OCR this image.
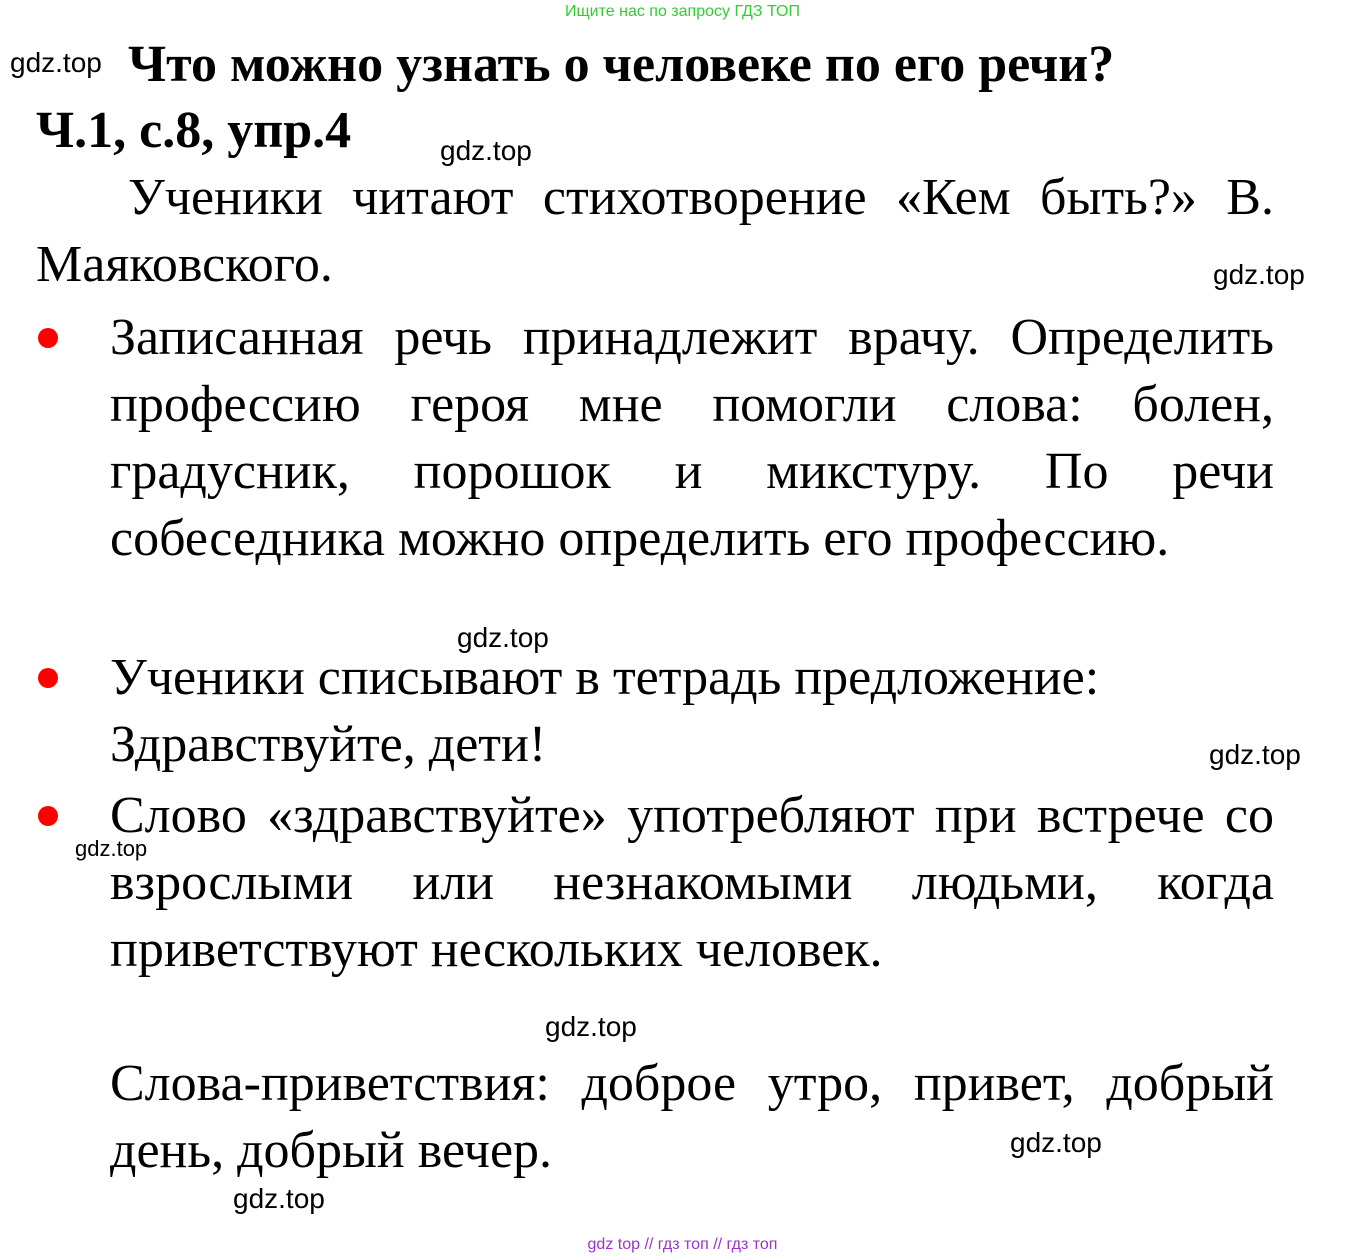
Ищите нас по запросу ГДЗ ТОП
gdz.top Что можно узнать о человеке по его речи?
Ч.1, с.8, упр.4	gdz.top
Ученики читают стихотворение «Кем быть?» В. Маяковского.	gdz.top
Записанная речь принадлежит врачу. Определить профессию героя мне помогли слова: болен, градусник, порошок и микстуру. По речи собеседника можно определить его профессию.
gdz.top
Ученики списывают в тетрадь предложение: Здравствуйте, дети!	gdz.top
gdz.top
Слово «здравствуйте» употребляют при встрече со взрослыми или незнакомыми людьми, когда приветствуют нескольких человек.
gdz.top
Слова-приветствия: доброе утро, привет, добрый день, добрый вечер.	gdz.top
gdz.top
gdz top // гдз топ // гдз топ
